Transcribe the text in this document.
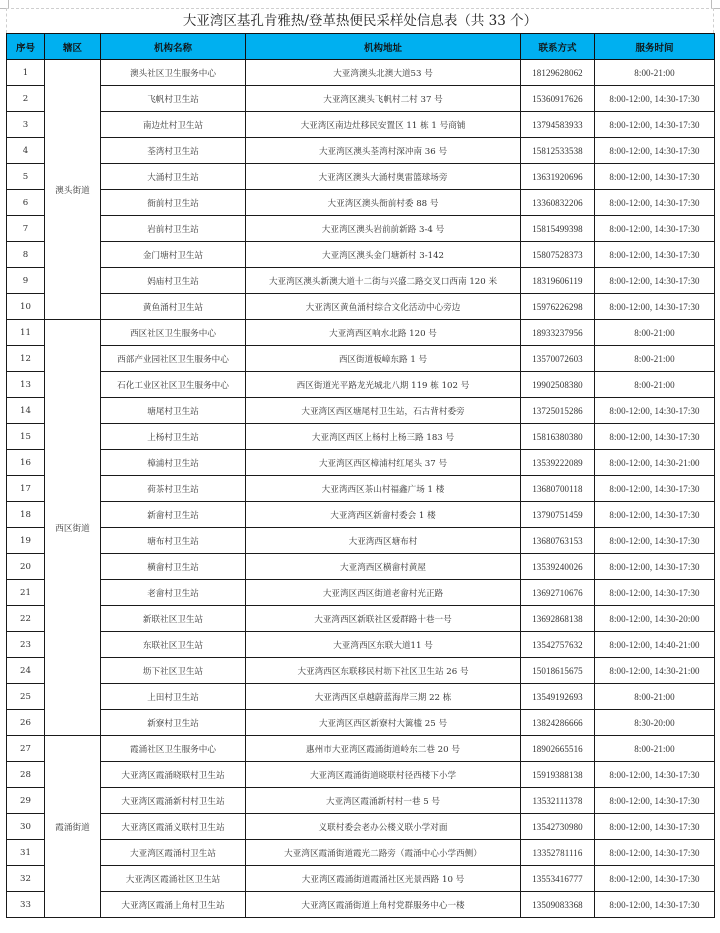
大亚湾区基孔肯雅热/登革热便民采样处信息表（共 33 个）
序号	辖区	机构名称	机构地址	联系方式	服务时间
1	澳头街道	澳头社区卫生服务中心	大亚湾澳头北澳大道53 号	18129628062	8:00-21:00
2		飞帆村卫生站	大亚湾区澳头飞帆村二村 37 号	15360917626	8:00-12:00, 14:30-17:30
3		南边灶村卫生站	大亚湾区南边灶移民安置区 11 栋 1 号商铺	13794583933	8:00-12:00, 14:30-17:30
4		荃湾村卫生站	大亚湾区澳头荃湾村深冲南 36 号	15812533538	8:00-12:00, 14:30-17:30
5		大涌村卫生站	大亚湾区澳头大涌村奥雷篮球场旁	13631920696	8:00-12:00, 14:30-17:30
6		衙前村卫生站	大亚湾区澳头衙前村委 88 号	13360832206	8:00-12:00, 14:30-17:30
7		岩前村卫生站	大亚湾区澳头岩前前新路 3-4 号	15815499398	8:00-12:00, 14:30-17:30
8		金门塘村卫生站	大亚湾区澳头金门塘新村 3-142	15807528373	8:00-12:00, 14:30-17:30
9		妈庙村卫生站	大亚湾区澳头新澳大道十二街与兴盛二路交叉口西南 120 米	18319606119	8:00-12:00, 14:30-17:30
10		黄鱼涌村卫生站	大亚湾区黄鱼涌村综合文化活动中心旁边	15976226298	8:00-12:00, 14:30-17:30
11	西区街道	西区社区卫生服务中心	大亚湾西区响水北路 120 号	18933237956	8:00-21:00
12		西部产业园社区卫生服务中心	西区街道板嶂东路 1 号	13570072603	8:00-21:00
13		石化工业区社区卫生服务中心	西区街道光平路龙光城北八期 119 栋 102 号	19902508380	8:00-21:00
14		塘尾村卫生站	大亚湾区西区塘尾村卫生站，石古背村委旁	13725015286	8:00-12:00, 14:30-17:30
15		上杨村卫生站	大亚湾区西区上杨村上杨三路 183 号	15816380380	8:00-12:00, 14:30-17:30
16		樟浦村卫生站	大亚湾区西区樟浦村红尾头 37 号	13539222089	8:00-12:00, 14:30-21:00
17		荷茶村卫生站	大亚湾西区茶山村福鑫广场 1 楼	13680700118	8:00-12:00, 14:30-17:30
18		新畲村卫生站	大亚湾西区新畲村委会 1 楼	13790751459	8:00-12:00, 14:30-17:30
19		塘布村卫生站	大亚湾西区塘布村	13680763153	8:00-12:00, 14:30-17:30
20		横畲村卫生站	大亚湾西区横畲村黄屋	13539240026	8:00-12:00, 14:30-17:30
21		老畲村卫生站	大亚湾区西区街道老畲村光正路	13692710676	8:00-12:00, 14:30-17:30
22		新联社区卫生站	大亚湾西区新联社区爱群路十巷一号	13692868138	8:00-12:00, 14:30-20:00
23		东联社区卫生站	大亚湾西区东联大道11 号	13542757632	8:00-12:00, 14:40-21:00
24		坜下社区卫生站	大亚湾西区东联移民村坜下社区卫生站 26 号	15018615675	8:00-12:00, 14:30-21:00
25		上田村卫生站	大亚湾西区卓越蔚蓝海岸三期 22 栋	13549192693	8:00-21:00
26		新寮村卫生站	大亚湾区西区新寮村大篱槛 25 号	13824286666	8:30-20:00
27	霞涌街道	霞涌社区卫生服务中心	惠州市大亚湾区霞涌街道岭东二巷 20 号	18902665516	8:00-21:00
28		大亚湾区霞涌晓联村卫生站	大亚湾区霞涌街道晓联村径西楼下小学	15919388138	8:00-12:00, 14:30-17:30
29		大亚湾区霞涌新村村卫生站	大亚湾区霞涌新村村一巷 5 号	13532111378	8:00-12:00, 14:30-17:30
30		大亚湾区霞涌义联村卫生站	义联村委会老办公楼义联小学对面	13542730980	8:00-12:00, 14:30-17:30
31		大亚湾区霞涌村卫生站	大亚湾区霞涌街道霞光二路旁（霞涌中心小学西侧）	13352781116	8:00-12:00, 14:30-17:30
32		大亚湾区霞涌社区卫生站	大亚湾区霞涌街道霞涌社区光景西路 10 号	13553416777	8:00-12:00, 14:30-17:30
33		大亚湾区霞涌上角村卫生站	大亚湾区霞涌街道上角村党群服务中心一楼	13509083368	8:00-12:00, 14:30-17:30
